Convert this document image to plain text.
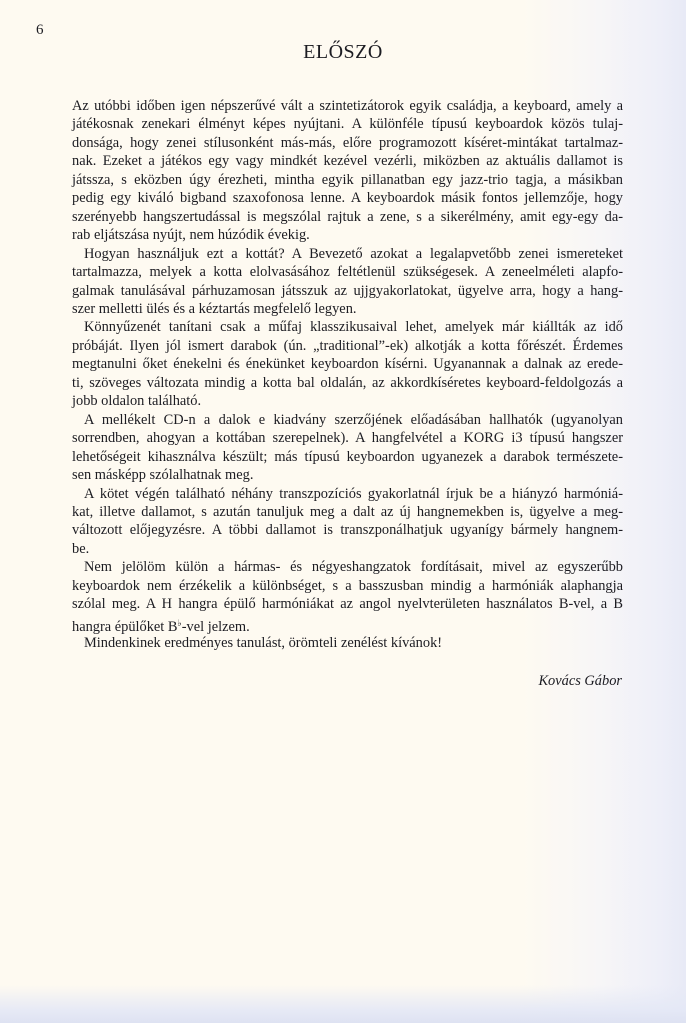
6
ELŐSZÓ
Az utóbbi időben igen népszerűvé vált a szintetizátorok egyik családja, a keyboard, amely a
játékosnak zenekari élményt képes nyújtani. A különféle típusú keyboardok közös tulaj-
donsága, hogy zenei stílusonként más-más, előre programozott kíséret-mintákat tartalmaz-
nak. Ezeket a játékos egy vagy mindkét kezével vezérli, miközben az aktuális dallamot is
játssza, s eközben úgy érezheti, mintha egyik pillanatban egy jazz-trio tagja, a másikban
pedig egy kiváló bigband szaxofonosa lenne. A keyboardok másik fontos jellemzője, hogy
szerényebb hangszertudással is megszólal rajtuk a zene, s a sikerélmény, amit egy-egy da-
rab eljátszása nyújt, nem húzódik évekig.
Hogyan használjuk ezt a kottát? A Bevezető azokat a legalapvetőbb zenei ismereteket
tartalmazza, melyek a kotta elolvasásához feltétlenül szükségesek. A zeneelméleti alapfo-
galmak tanulásával párhuzamosan játsszuk az ujjgyakorlatokat, ügyelve arra, hogy a hang-
szer melletti ülés és a kéztartás megfelelő legyen.
Könnyűzenét tanítani csak a műfaj klasszikusaival lehet, amelyek már kiállták az idő
próbáját. Ilyen jól ismert darabok (ún. „traditional”-ek) alkotják a kotta főrészét. Érdemes
megtanulni őket énekelni és énekünket keyboardon kísérni. Ugyanannak a dalnak az erede-
ti, szöveges változata mindig a kotta bal oldalán, az akkordkíséretes keyboard-feldolgozás a
jobb oldalon található.
A mellékelt CD-n a dalok e kiadvány szerzőjének előadásában hallhatók (ugyanolyan
sorrendben, ahogyan a kottában szerepelnek). A hangfelvétel a KORG i3 típusú hangszer
lehetőségeit kihasználva készült; más típusú keyboardon ugyanezek a darabok természete-
sen másképp szólalhatnak meg.
A kötet végén található néhány transzpozíciós gyakorlatnál írjuk be a hiányzó harmóniá-
kat, illetve dallamot, s azután tanuljuk meg a dalt az új hangnemekben is, ügyelve a meg-
változott előjegyzésre. A többi dallamot is transzponálhatjuk ugyanígy bármely hangnem-
be.
Nem jelölöm külön a hármas- és négyeshangzatok fordításait, mivel az egyszerűbb
keyboardok nem érzékelik a különbséget, s a basszusban mindig a harmóniák alaphangja
szólal meg. A H hangra épülő harmóniákat az angol nyelvterületen használatos B-vel, a B
hangra épülőket B♭-vel jelzem.
Mindenkinek eredményes tanulást, örömteli zenélést kívánok!
Kovács Gábor
